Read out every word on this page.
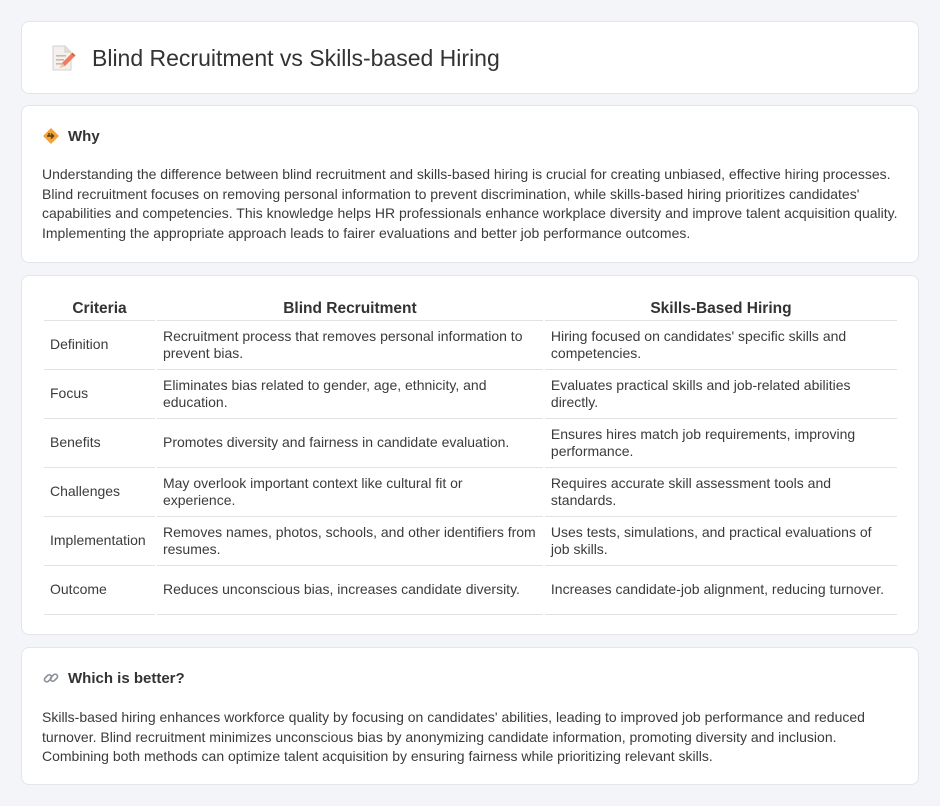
Blind Recruitment vs Skills-based Hiring
Why

Understanding the difference between blind recruitment and skills-based hiring is crucial for creating unbiased, effective hiring processes. Blind recruitment focuses on removing personal information to prevent discrimination, while skills-based hiring prioritizes candidates' capabilities and competencies. This knowledge helps HR professionals enhance workplace diversity and improve talent acquisition quality. Implementing the appropriate approach leads to fairer evaluations and better job performance outcomes.

Criteria	Blind Recruitment	Skills-Based Hiring
Definition	Recruitment process that removes personal information to prevent bias.	Hiring focused on candidates' specific skills and competencies.
Focus	Eliminates bias related to gender, age, ethnicity, and education.	Evaluates practical skills and job-related abilities directly.
Benefits	Promotes diversity and fairness in candidate evaluation.	Ensures hires match job requirements, improving performance.
Challenges	May overlook important context like cultural fit or experience.	Requires accurate skill assessment tools and standards.
Implementation	Removes names, photos, schools, and other identifiers from resumes.	Uses tests, simulations, and practical evaluations of job skills.
Outcome	Reduces unconscious bias, increases candidate diversity.	Increases candidate-job alignment, reducing turnover.
Which is better?

Skills-based hiring enhances workforce quality by focusing on candidates' abilities, leading to improved job performance and reduced turnover. Blind recruitment minimizes unconscious bias by anonymizing candidate information, promoting diversity and inclusion. Combining both methods can optimize talent acquisition by ensuring fairness while prioritizing relevant skills.
